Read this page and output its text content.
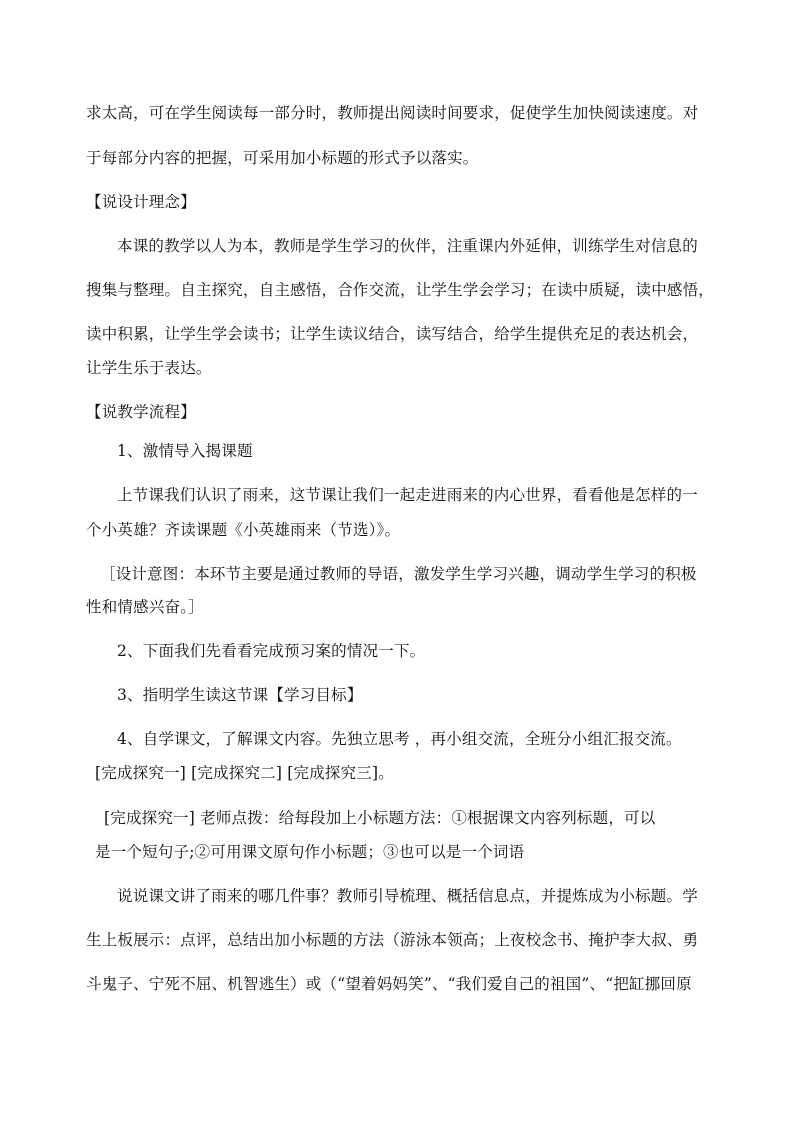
求太高，可在学生阅读每一部分时，教师提出阅读时间要求，促使学生加快阅读速度。对
于每部分内容的把握，可采用加小标题的形式予以落实。
【说设计理念】
本课的教学以人为本，教师是学生学习的伙伴，注重课内外延伸，训练学生对信息的
搜集与整理。自主探究，自主感悟，合作交流，让学生学会学习；在读中质疑，读中感悟，
读中积累，让学生学会读书；让学生读议结合，读写结合，给学生提供充足的表达机会，
让学生乐于表达。
【说教学流程】
1、激情导入揭课题
上节课我们认识了雨来，这节课让我们一起走进雨来的内心世界，看看他是怎样的一
个小英雄？齐读课题《小英雄雨来（节选）》。
［设计意图：本环节主要是通过教师的导语，激发学生学习兴趣，调动学生学习的积极
性和情感兴奋。］
2、下面我们先看看完成预习案的情况一下。
3、指明学生读这节课【学习目标】
4、自学课文，了解课文内容。先独立思考 ，再小组交流，全班分小组汇报交流。
[完成探究一] [完成探究二] [完成探究三]。
[完成探究一] 老师点拨：给每段加上小标题方法：①根据课文内容列标题，可以
是一个短句子;②可用课文原句作小标题；③也可以是一个词语
说说课文讲了雨来的哪几件事？教师引导梳理、概括信息点，并提炼成为小标题。学
生上板展示：点评，总结出加小标题的方法（游泳本领高；上夜校念书、掩护李大叔、勇
斗鬼子、宁死不屈、机智逃生）或（“望着妈妈笑”、“我们爱自己的祖国”、“把缸挪回原
